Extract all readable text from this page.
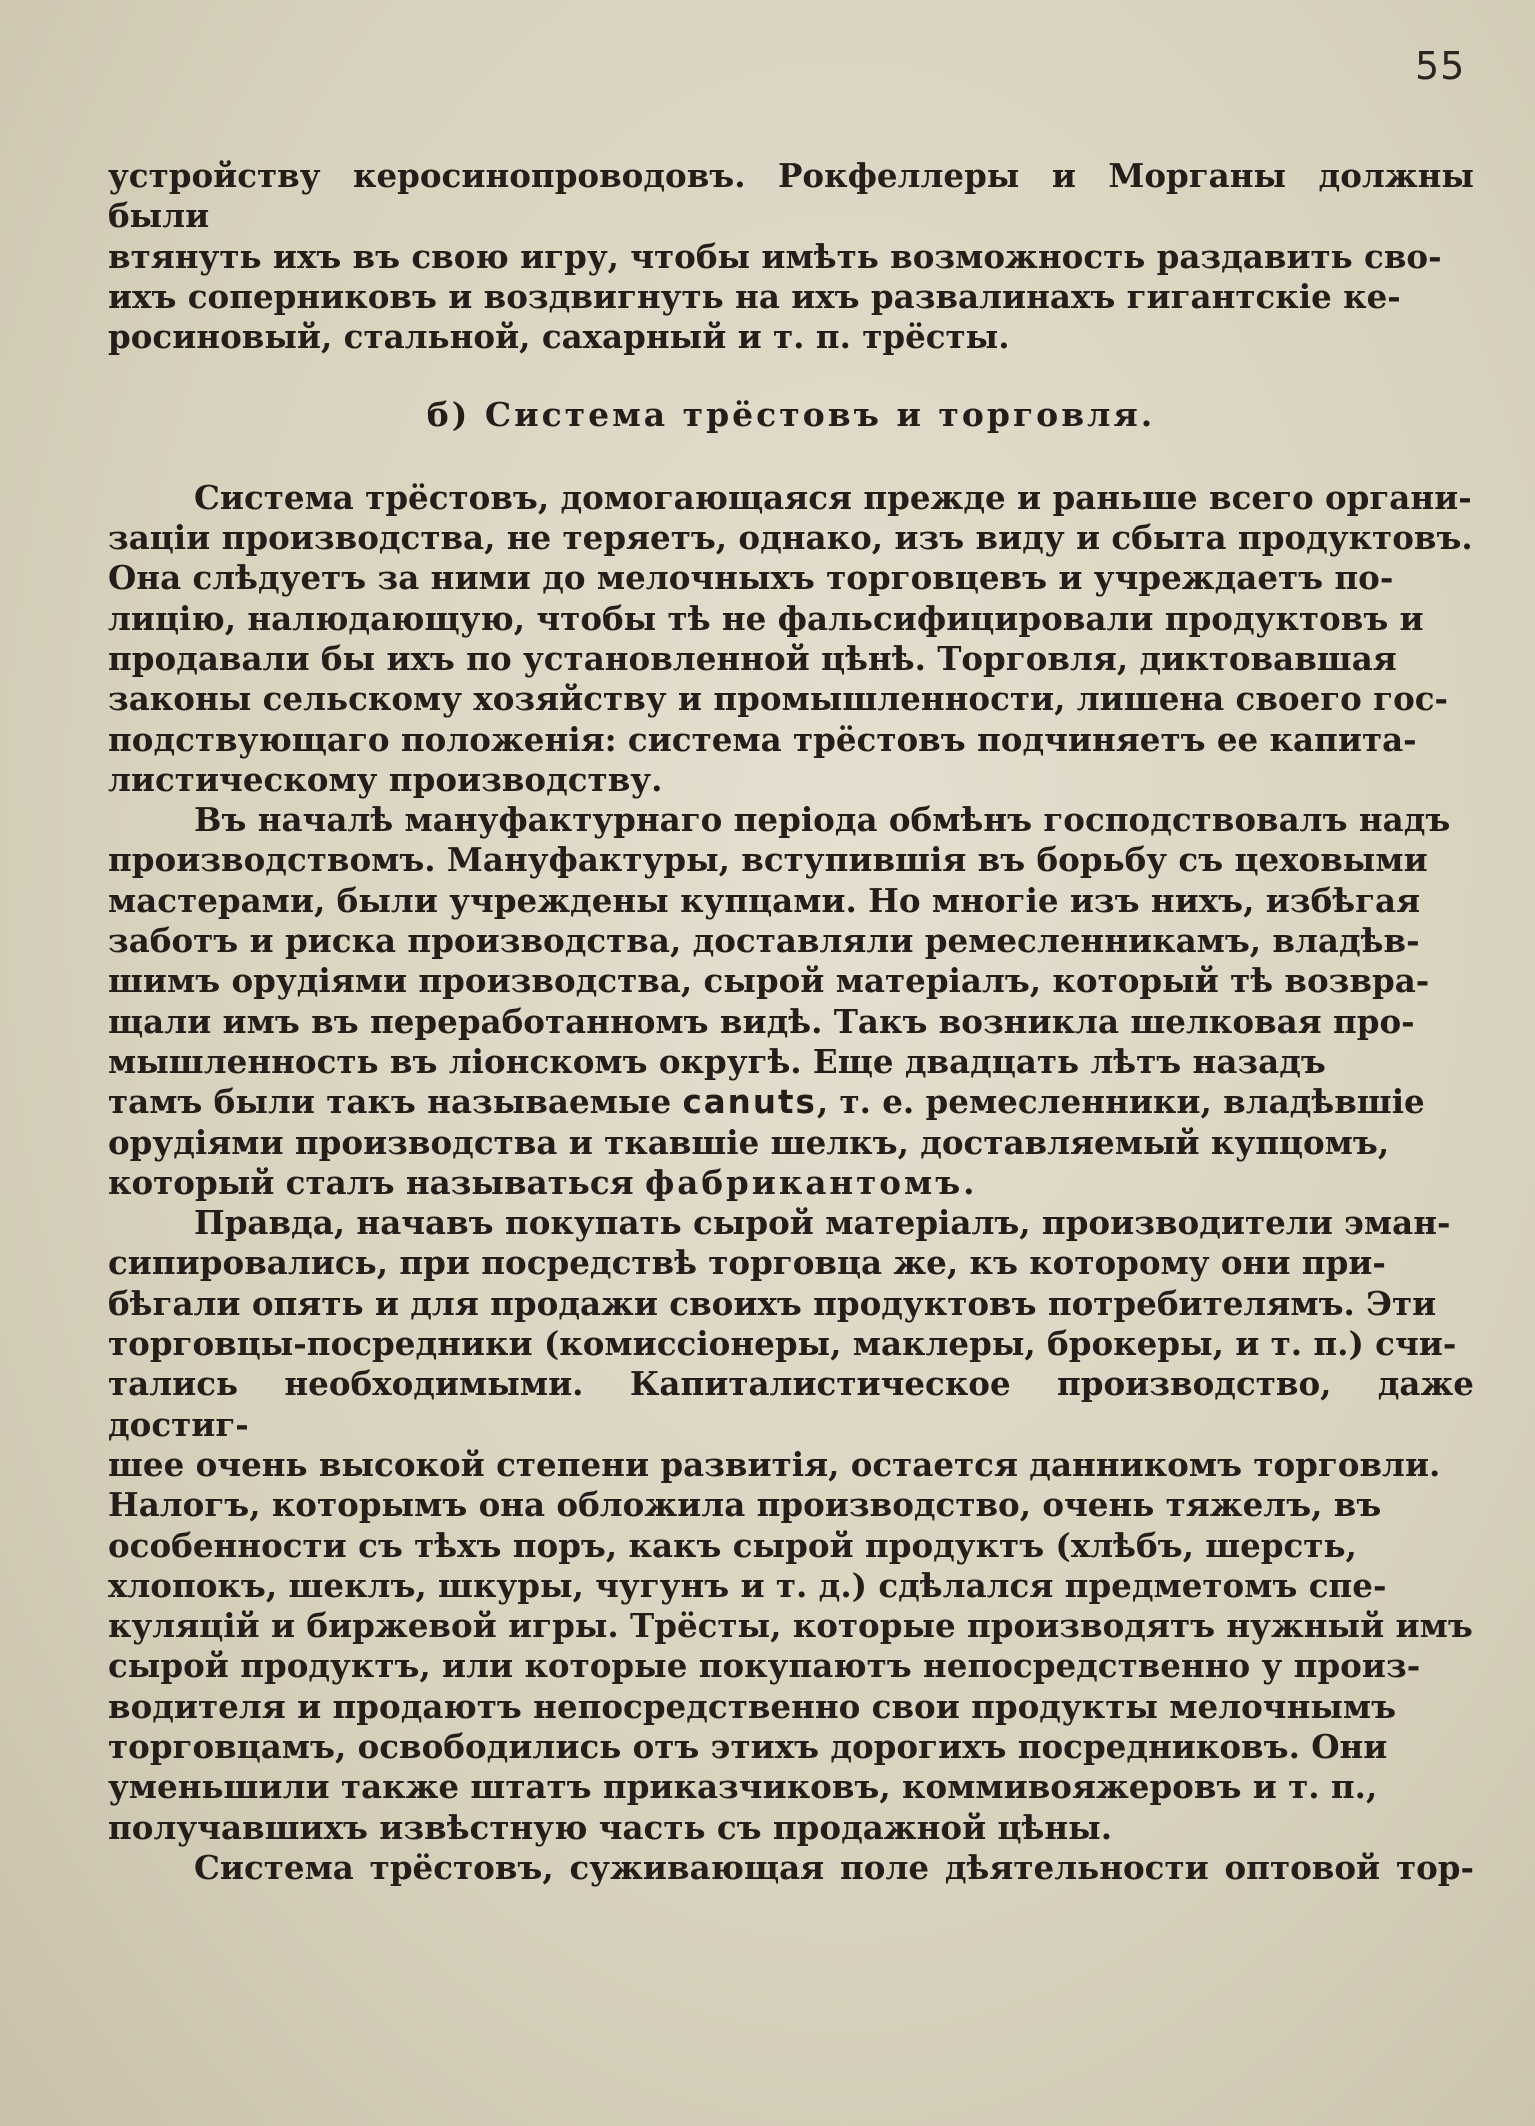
55

устройству керосинопроводовъ. Рокфеллеры и Морганы должны были
втянуть ихъ въ свою игру, чтобы имѣть возможность раздавить сво-
ихъ соперниковъ и воздвигнуть на ихъ развалинахъ гигантскіе ке-
росиновый, стальной, сахарный и т. п. трёсты.

б) Система трёстовъ и торговля.

Система трёстовъ, домогающаяся прежде и раньше всего органи-
заціи производства, не теряетъ, однако, изъ виду и сбыта продуктовъ.
Она слѣдуетъ за ними до мелочныхъ торговцевъ и учреждаетъ по-
лицію, налюдающую, чтобы тѣ не фальсифицировали продуктовъ и
продавали бы ихъ по установленной цѣнѣ. Торговля, диктовавшая
законы сельскому хозяйству и промышленности, лишена своего гос-
подствующаго положенія: система трёстовъ подчиняетъ ее капита-
листическому производству.

Въ началѣ мануфактурнаго періода обмѣнъ господствовалъ надъ
производствомъ. Мануфактуры, вступившія въ борьбу съ цеховыми
мастерами, были учреждены купцами. Но многіе изъ нихъ, избѣгая
заботъ и риска производства, доставляли ремесленникамъ, владѣв-
шимъ орудіями производства, сырой матеріалъ, который тѣ возвра-
щали имъ въ переработанномъ видѣ. Такъ возникла шелковая про-
мышленность въ ліонскомъ округѣ. Еще двадцать лѣтъ назадъ
тамъ были такъ называемые canuts, т. е. ремесленники, владѣвшіе
орудіями производства и ткавшіе шелкъ, доставляемый купцомъ,
который сталъ называться фабрикантомъ.

Правда, начавъ покупать сырой матеріалъ, производители эман-
сипировались, при посредствѣ торговца же, къ которому они при-
бѣгали опять и для продажи своихъ продуктовъ потребителямъ. Эти
торговцы-посредники (комиссіонеры, маклеры, брокеры, и т. п.) счи-
тались необходимыми. Капиталистическое производство, даже достиг-
шее очень высокой степени развитія, остается данникомъ торговли.
Налогъ, которымъ она обложила производство, очень тяжелъ, въ
особенности съ тѣхъ поръ, какъ сырой продуктъ (хлѣбъ, шерсть,
хлопокъ, шеклъ, шкуры, чугунъ и т. д.) сдѣлался предметомъ спе-
куляцій и биржевой игры. Трёсты, которые производятъ нужный имъ
сырой продуктъ, или которые покупаютъ непосредственно у произ-
водителя и продаютъ непосредственно свои продукты мелочнымъ
торговцамъ, освободились отъ этихъ дорогихъ посредниковъ. Они
уменьшили также штатъ приказчиковъ, коммивояжеровъ и т. п.,
получавшихъ извѣстную часть съ продажной цѣны.

Система трёстовъ, суживающая поле дѣятельности оптовой тор-
